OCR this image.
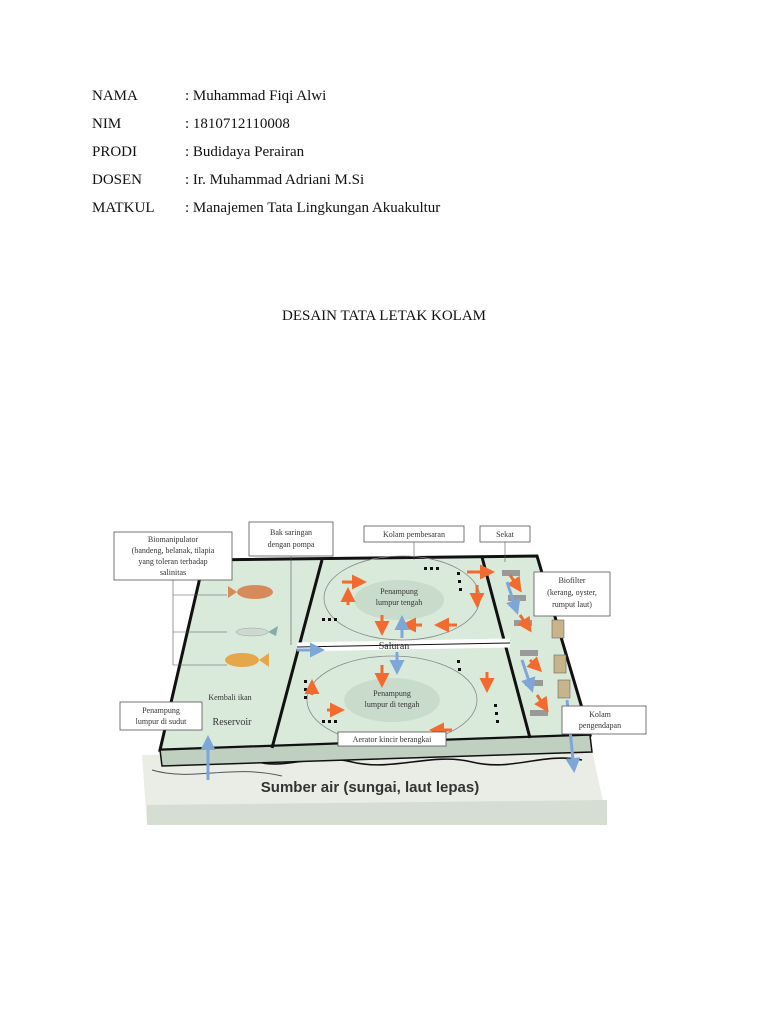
NAMA	: Muhammad Fiqi Alwi
NIM	: 1810712110008
PRODI	: Budidaya Perairan
DOSEN	: Ir. Muhammad Adriani M.Si
MATKUL : Manajemen Tata Lingkungan Akuakultur
DESAIN TATA LETAK KOLAM
Biomanipulator
(bandeng, belanak, tilapia
yang toleran terhadap
salinitas
Bak saringan
dengan pompa
Kolam pembesaran	Sekat
Biofilter
(kerang, oyster,
rumput laut)
Penampung
lumpur tengah
Saluran
Penampung
lumpur di tengah
Kembali ikan
Reservoir
Penampung
lumpur di sudut
Kolam
pengendapan
Aerator kincir berangkai
Sumber air (sungai, laut lepas)
